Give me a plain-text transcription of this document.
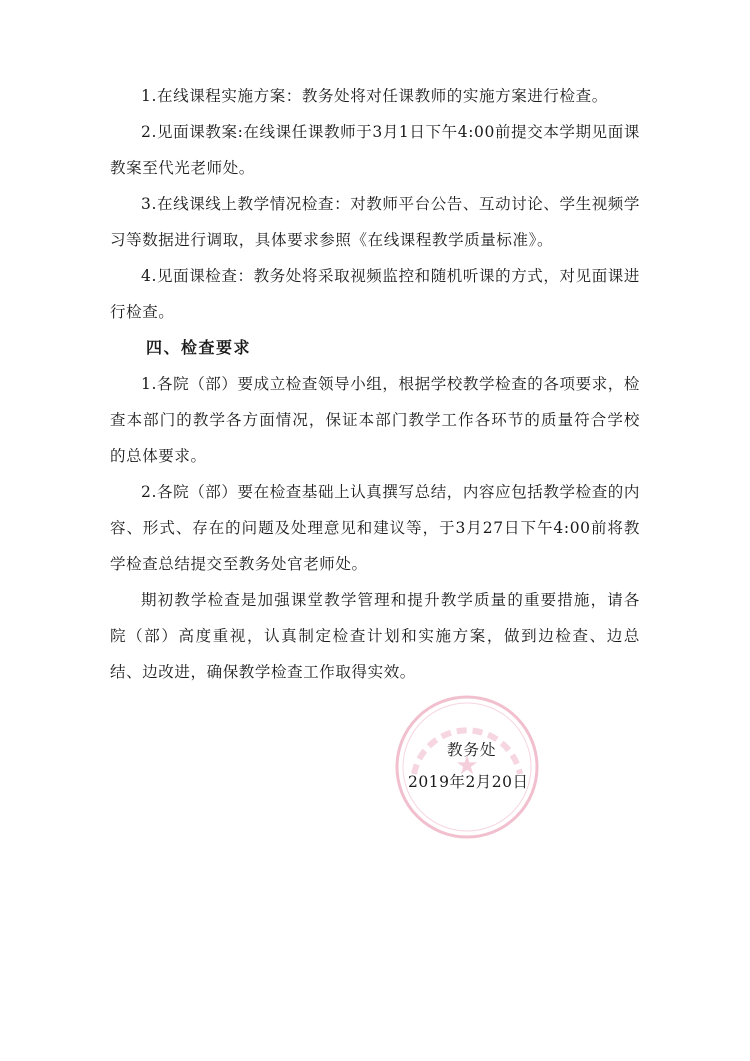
1.在线课程实施方案：教务处将对任课教师的实施方案进行检查。

2.见面课教案:在线课任课教师于3月1日下午4:00前提交本学期见面课教案至代光老师处。

3.在线课线上教学情况检查：对教师平台公告、互动讨论、学生视频学习等数据进行调取，具体要求参照《在线课程教学质量标准》。

4.见面课检查：教务处将采取视频监控和随机听课的方式，对见面课进行检查。

四、检查要求

1.各院（部）要成立检查领导小组，根据学校教学检查的各项要求，检查本部门的教学各方面情况，保证本部门教学工作各环节的质量符合学校的总体要求。

2.各院（部）要在检查基础上认真撰写总结，内容应包括教学检查的内容、形式、存在的问题及处理意见和建议等，于3月27日下午4:00前将教学检查总结提交至教务处官老师处。

期初教学检查是加强课堂教学管理和提升教学质量的重要措施，请各院（部）高度重视，认真制定检查计划和实施方案，做到边检查、边总结、边改进，确保教学检查工作取得实效。

★
教务处
2019年2月20日
